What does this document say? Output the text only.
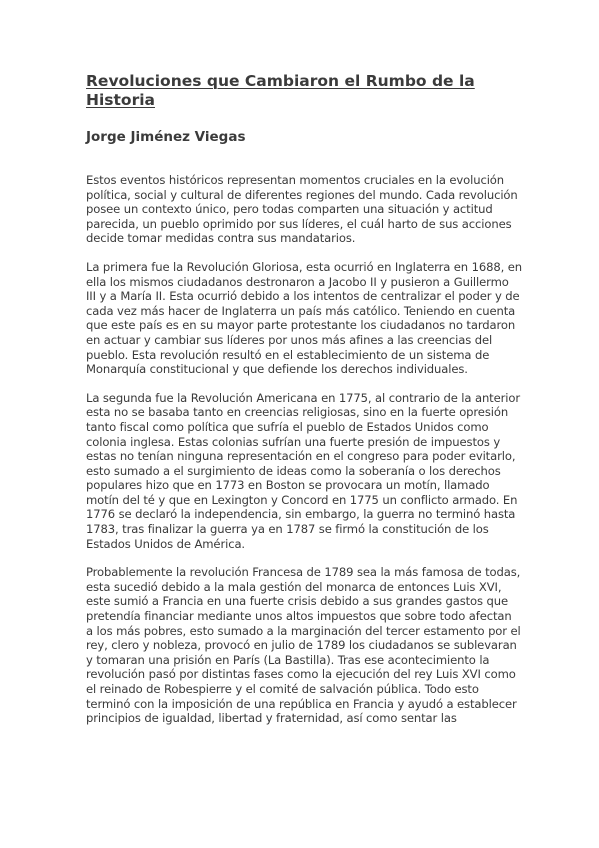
Revoluciones que Cambiaron el Rumbo de la Historia
Jorge Jiménez Viegas

Estos eventos históricos representan momentos cruciales en la evolución política, social y cultural de diferentes regiones del mundo. Cada revolución posee un contexto único, pero todas comparten una situación y actitud parecida, un pueblo oprimido por sus líderes, el cuál harto de sus acciones decide tomar medidas contra sus mandatarios.

La primera fue la Revolución Gloriosa, esta ocurrió en Inglaterra en 1688, en ella los mismos ciudadanos destronaron a Jacobo II y pusieron a Guillermo III y a María II. Esta ocurrió debido a los intentos de centralizar el poder y de cada vez más hacer de Inglaterra un país más católico. Teniendo en cuenta que este país es en su mayor parte protestante los ciudadanos no tardaron en actuar y cambiar sus líderes por unos más afines a las creencias del pueblo. Esta revolución resultó en el establecimiento de un sistema de Monarquía constitucional y que defiende los derechos individuales.

La segunda fue la Revolución Americana en 1775, al contrario de la anterior esta no se basaba tanto en creencias religiosas, sino en la fuerte opresión tanto fiscal como política que sufría el pueblo de Estados Unidos como colonia inglesa. Estas colonias sufrían una fuerte presión de impuestos y estas no tenían ninguna representación en el congreso para poder evitarlo, esto sumado a el surgimiento de ideas como la soberanía o los derechos populares hizo que en 1773 en Boston se provocara un motín, llamado motín del té y que en Lexington y Concord en 1775 un conflicto armado. En 1776 se declaró la independencia, sin embargo, la guerra no terminó hasta 1783, tras finalizar la guerra ya en 1787 se firmó la constitución de los Estados Unidos de América.

Probablemente la revolución Francesa de 1789 sea la más famosa de todas, esta sucedió debido a la mala gestión del monarca de entonces Luis XVI, este sumió a Francia en una fuerte crisis debido a sus grandes gastos que pretendía financiar mediante unos altos impuestos que sobre todo afectan a los más pobres, esto sumado a la marginación del tercer estamento por el rey, clero y nobleza, provocó en julio de 1789 los ciudadanos se sublevaran y tomaran una prisión en París (La Bastilla). Tras ese acontecimiento la revolución pasó por distintas fases como la ejecución del rey Luis XVI como el reinado de Robespierre y el comité de salvación pública. Todo esto terminó con la imposición de una república en Francia y ayudó a establecer principios de igualdad, libertad y fraternidad, así como sentar las
